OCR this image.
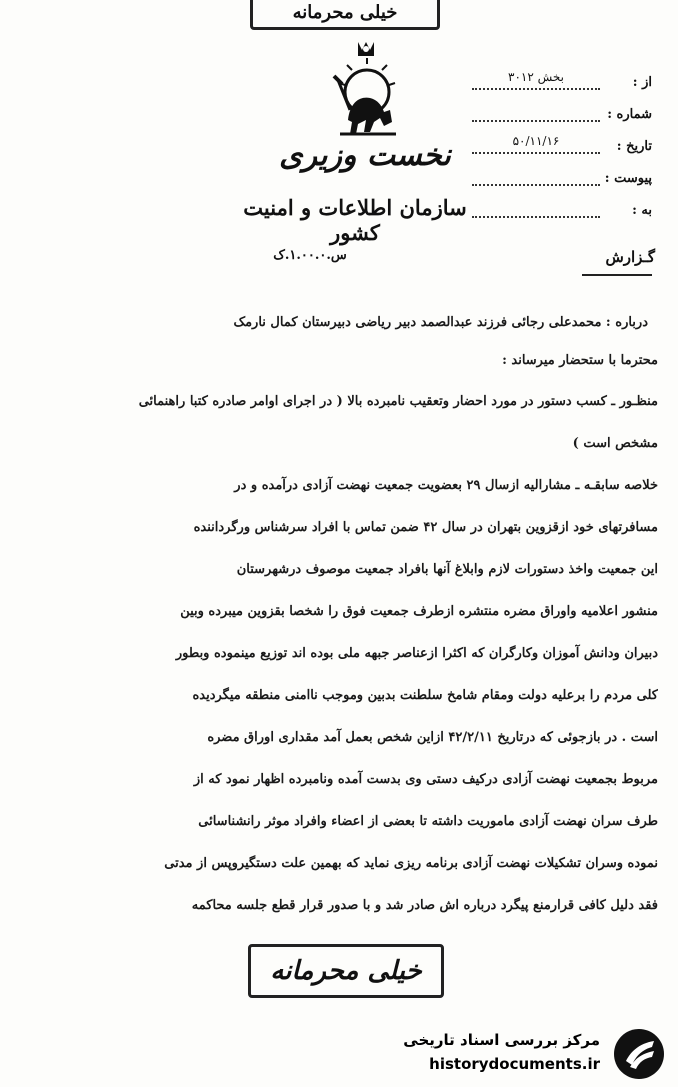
خیلی محرمانه
نخست وزیری
سازمان اطلاعات و امنیت کشور
س.۱.۰۰.۰.ک
از :
بخش ۳۰۱۲
شماره :
تاریخ :
۵۰/۱۱/۱۶
پیوست :
به :
گـزارش
درباره : محمدعلی رجائی فرزند عبدالصمد دبیر ریاضی دبیرستان کمال نارمک
محترما با ستحضار میرساند :
منظـور ـ کسب دستور در مورد احضار وتعقیب نامبرده بالا ( در اجرای اوامر صادره کتبا راهنمائی
مشخص است )
خلاصه سابقـه ـ مشارالیه ازسال ۲۹ بعضویت جمعیت نهضت آزادی درآمده و در
مسافرتهای خود ازقزوین بتهران در سال ۴۲ ضمن تماس با افراد سرشناس ورگرداننده
این جمعیت واخذ دستورات لازم وابلاغ آنها بافراد جمعیت موصوف درشهرستان
منشور اعلامیه واوراق مضره منتشره ازطرف جمعیت فوق را شخصا بقزوین میبرده وبین
دبیران ودانش آموزان وکارگران که اکثرا ازعناصر جبهه ملی بوده اند توزیع مینموده وبطور
کلی مردم را برعلیه دولت ومقام شامخ سلطنت بدبین وموجب ناامنی منطقه میگردیده
است . در بازجوئی که درتاریخ ۴۲/۲/۱۱ ازاین شخص بعمل آمد مقداری اوراق مضره
مربوط بجمعیت نهضت آزادی درکیف دستی وی بدست آمده ونامبرده اظهار نمود که از
طرف سران نهضت آزادی ماموریت داشته تا بعضی از اعضاء وافراد موثر رانشناسائی
نموده وسران تشکیلات نهضت آزادی برنامه ریزی نماید که بهمین علت دستگیروپس از مدتی
فقد دلیل کافی قرارمنع پیگرد درباره اش صادر شد و با صدور قرار قطع جلسه محاکمه
خیلی محرمانه
مرکز بررسی اسناد تاریخی
historydocuments.ir
